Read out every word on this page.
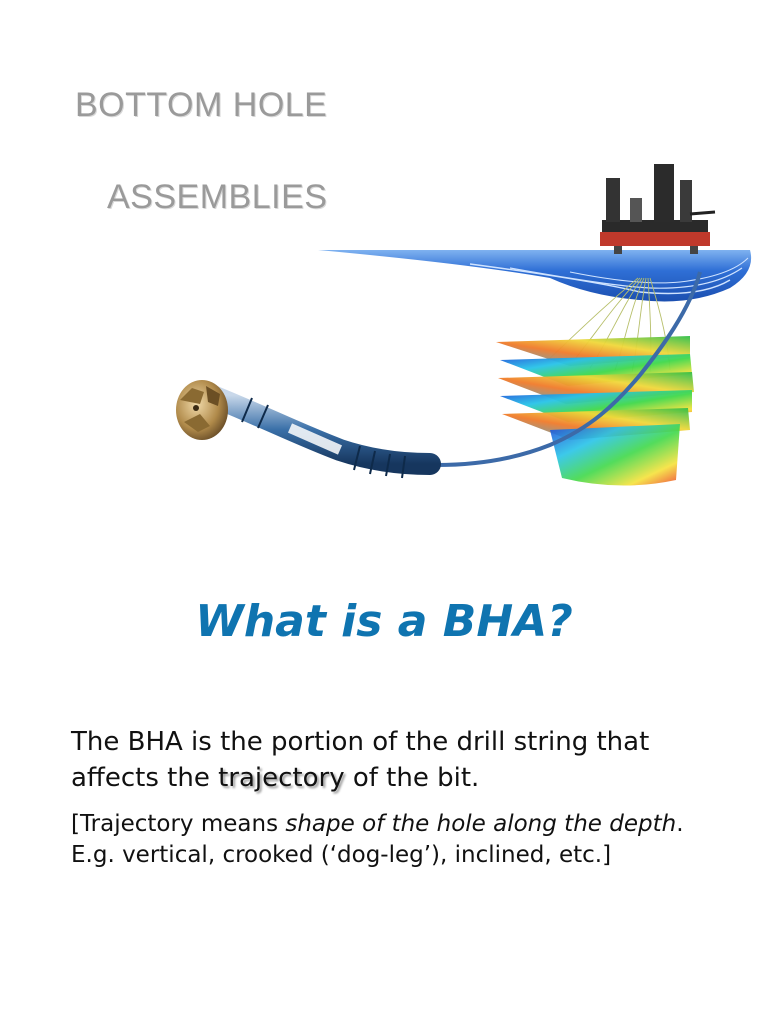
BOTTOM HOLE
ASSEMBLIES
What is a BHA?
The BHA is the portion of the drill string that affects the trajectory of the bit.
[Trajectory means shape of the hole along the depth. E.g. vertical, crooked (‘dog-leg’), inclined, etc.]
